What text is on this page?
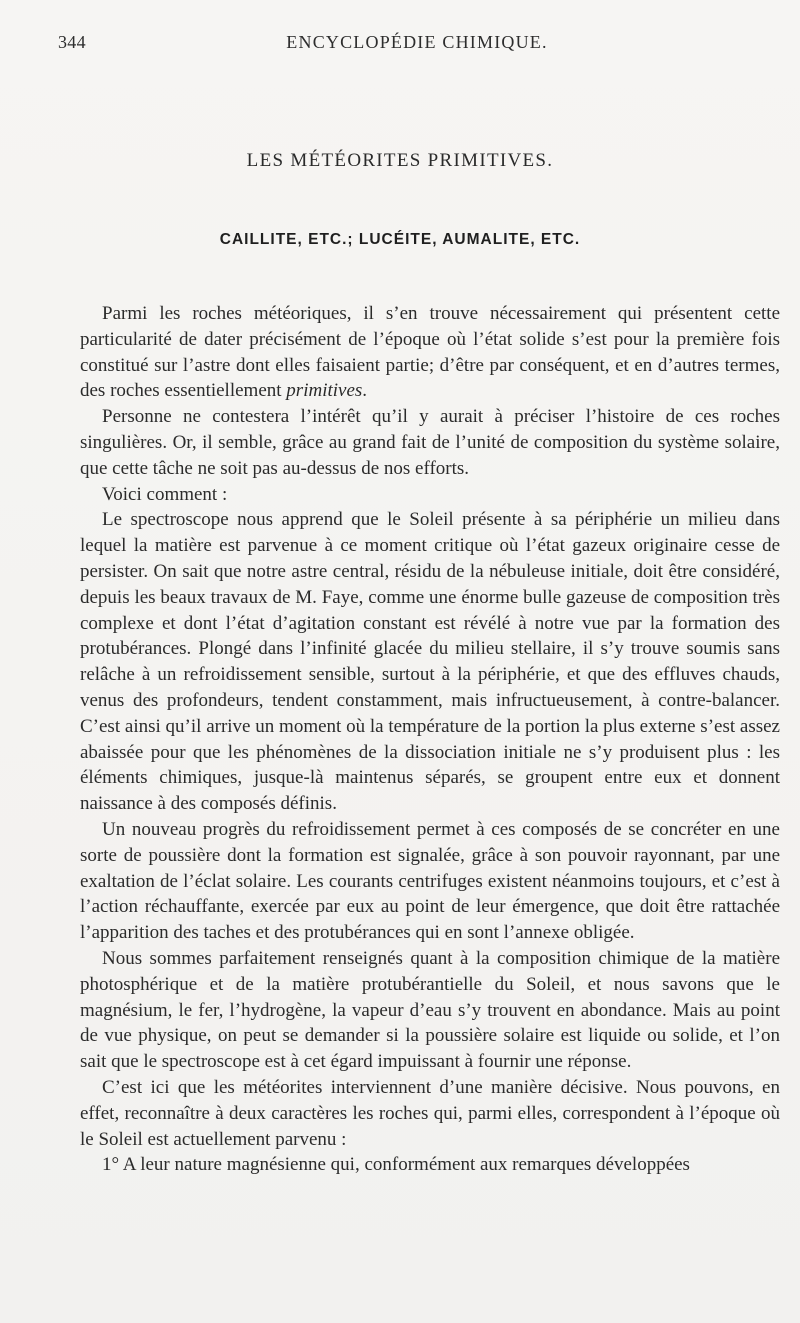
344	ENCYCLOPÉDIE CHIMIQUE.
LES MÉTÉORITES PRIMITIVES.
CAILLITE, ETC.; LUCÉITE, AUMALITE, ETC.

Parmi les roches météoriques, il s’en trouve nécessairement qui présentent cette particularité de dater précisément de l’époque où l’état solide s’est pour la première fois constitué sur l’astre dont elles faisaient partie; d’être par conséquent, et en d’autres termes, des roches essentiellement primitives.

Personne ne contestera l’intérêt qu’il y aurait à préciser l’histoire de ces roches singulières. Or, il semble, grâce au grand fait de l’unité de composition du système solaire, que cette tâche ne soit pas au-dessus de nos efforts.

Voici comment :

Le spectroscope nous apprend que le Soleil présente à sa périphérie un milieu dans lequel la matière est parvenue à ce moment critique où l’état gazeux originaire cesse de persister. On sait que notre astre central, résidu de la nébuleuse initiale, doit être considéré, depuis les beaux travaux de M. Faye, comme une énorme bulle gazeuse de composition très complexe et dont l’état d’agitation constant est révélé à notre vue par la formation des protubérances. Plongé dans l’infinité glacée du milieu stellaire, il s’y trouve soumis sans relâche à un refroidissement sensible, surtout à la périphérie, et que des effluves chauds, venus des profondeurs, tendent constamment, mais infructueusement, à contre-balancer. C’est ainsi qu’il arrive un moment où la température de la portion la plus externe s’est assez abaissée pour que les phénomènes de la dissociation initiale ne s’y produisent plus : les éléments chimiques, jusque-là maintenus séparés, se groupent entre eux et donnent naissance à des composés définis.

Un nouveau progrès du refroidissement permet à ces composés de se concréter en une sorte de poussière dont la formation est signalée, grâce à son pouvoir rayonnant, par une exaltation de l’éclat solaire. Les courants centrifuges existent néanmoins toujours, et c’est à l’action réchauffante, exercée par eux au point de leur émergence, que doit être rattachée l’apparition des taches et des protubérances qui en sont l’annexe obligée.

Nous sommes parfaitement renseignés quant à la composition chimique de la matière photosphérique et de la matière protubérantielle du Soleil, et nous savons que le magnésium, le fer, l’hydrogène, la vapeur d’eau s’y trouvent en abondance. Mais au point de vue physique, on peut se demander si la poussière solaire est liquide ou solide, et l’on sait que le spectroscope est à cet égard impuissant à fournir une réponse.

C’est ici que les météorites interviennent d’une manière décisive. Nous pouvons, en effet, reconnaître à deux caractères les roches qui, parmi elles, correspondent à l’époque où le Soleil est actuellement parvenu :

1° A leur nature magnésienne qui, conformément aux remarques développées
